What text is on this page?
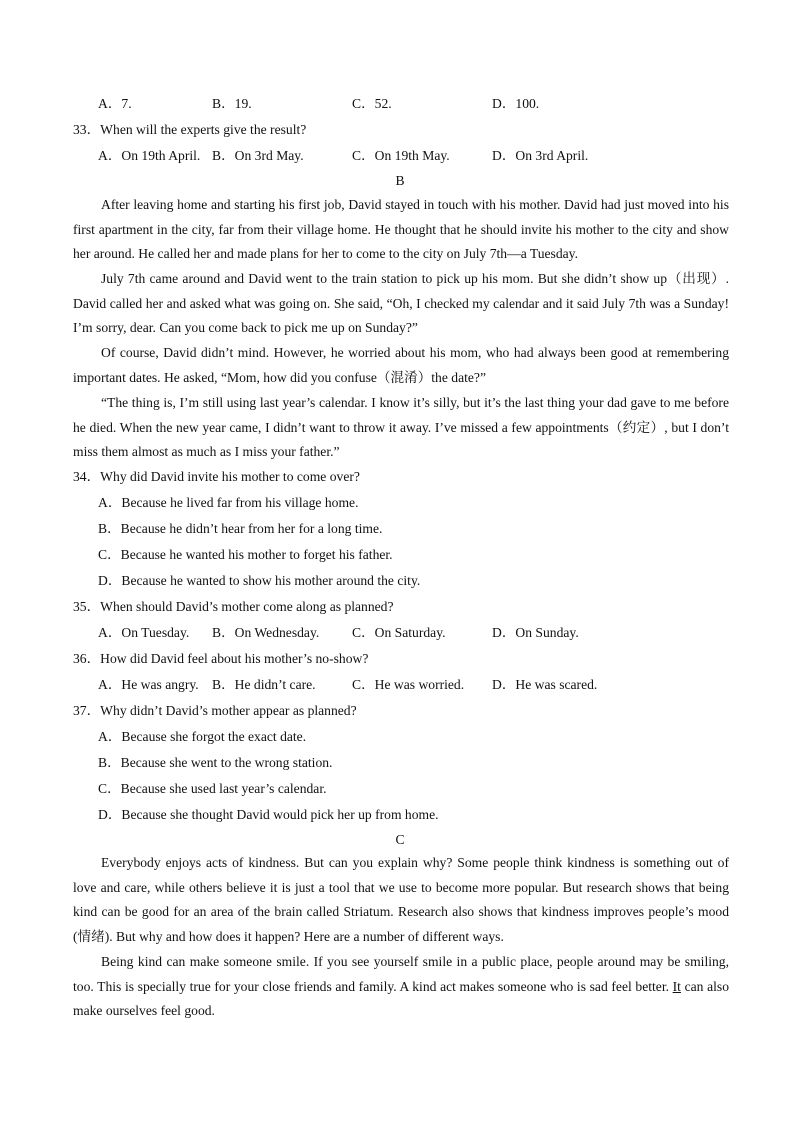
A．7.	B．19.	C．52.	D．100.
33．When will the experts give the result?
A．On 19th April. B．On 3rd May.	C．On 19th May.	D．On 3rd April.
B

After leaving home and starting his first job, David stayed in touch with his mother. David had just moved into his first apartment in the city, far from their village home. He thought that he should invite his mother to the city and show her around. He called her and made plans for her to come to the city on July 7th—a Tuesday.

July 7th came around and David went to the train station to pick up his mom. But she didn’t show up（出现）. David called her and asked what was going on. She said, “Oh, I checked my calendar and it said July 7th was a Sunday! I’m sorry, dear. Can you come back to pick me up on Sunday?”

Of course, David didn’t mind. However, he worried about his mom, who had always been good at remembering important dates. He asked, “Mom, how did you confuse（混淆）the date?”

“The thing is, I’m still using last year’s calendar. I know it’s silly, but it’s the last thing your dad gave to me before he died. When the new year came, I didn’t want to throw it away. I’ve missed a few appointments（约定）, but I don’t miss them almost as much as I miss your father.”

34．Why did David invite his mother to come over?
A．Because he lived far from his village home.
B．Because he didn’t hear from her for a long time.
C．Because he wanted his mother to forget his father.
D．Because he wanted to show his mother around the city.
35．When should David’s mother come along as planned?
A．On Tuesday. B．On Wednesday. C．On Saturday.	D．On Sunday.
36．How did David feel about his mother’s no-show?
A．He was angry. B．He didn’t care.	C．He was worried. D．He was scared.
37．Why didn’t David’s mother appear as planned?
A．Because she forgot the exact date.
B．Because she went to the wrong station.
C．Because she used last year’s calendar.
D．Because she thought David would pick her up from home.
C

Everybody enjoys acts of kindness. But can you explain why? Some people think kindness is something out of love and care, while others believe it is just a tool that we use to become more popular. But research shows that being kind can be good for an area of the brain called Striatum. Research also shows that kindness improves people’s mood (情绪). But why and how does it happen? Here are a number of different ways.

Being kind can make someone smile. If you see yourself smile in a public place, people around may be smiling, too. This is specially true for your close friends and family. A kind act makes someone who is sad feel better. It can also make ourselves feel good.
